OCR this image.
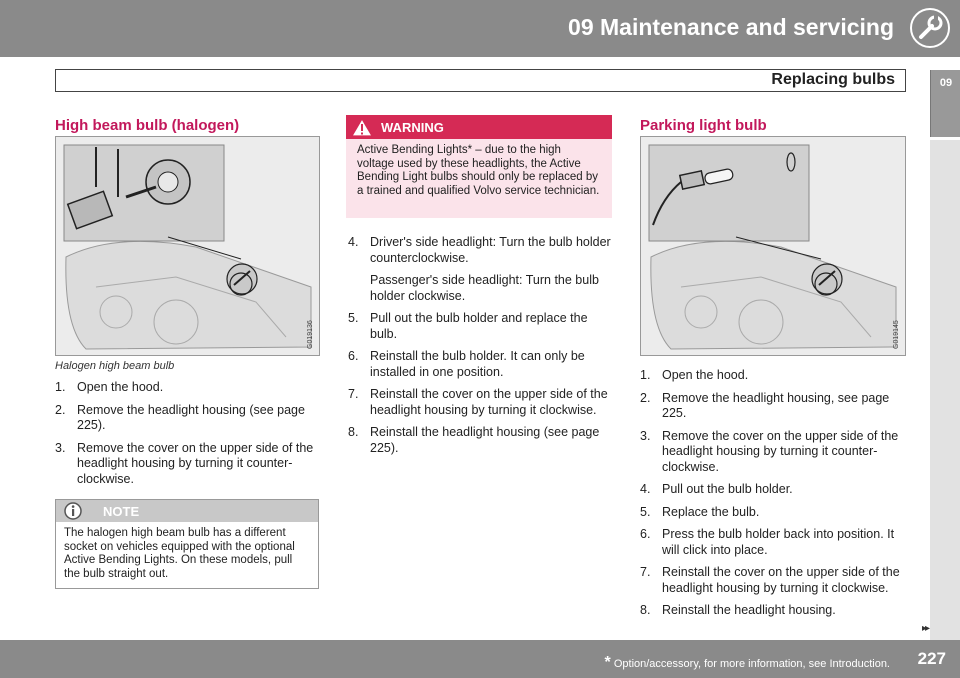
09 Maintenance and servicing
Replacing bulbs	09
High beam bulb (halogen)
G019136
Halogen high beam bulb
1. Open the hood.
2. Remove the headlight housing (see page 225).
3. Remove the cover on the upper side of the headlight housing by turning it counter-clockwise.
NOTE
The halogen high beam bulb has a different socket on vehicles equipped with the optional Active Bending Lights. On these models, pull the bulb straight out.
WARNING
Active Bending Lights* – due to the high voltage used by these headlights, the Active Bending Light bulbs should only be replaced by a trained and qualified Volvo service technician.
4. Driver's side headlight: Turn the bulb holder counterclockwise.
Passenger's side headlight: Turn the bulb holder clockwise.
5. Pull out the bulb holder and replace the bulb.
6. Reinstall the bulb holder. It can only be installed in one position.
7. Reinstall the cover on the upper side of the headlight housing by turning it clockwise.
8. Reinstall the headlight housing (see page 225).
Parking light bulb
G019145
1. Open the hood.
2. Remove the headlight housing, see page 225.
3. Remove the cover on the upper side of the headlight housing by turning it counter-clockwise.
4. Pull out the bulb holder.
5. Replace the bulb.
6. Press the bulb holder back into position. It will click into place.
7. Reinstall the cover on the upper side of the headlight housing by turning it clockwise.
8. Reinstall the headlight housing.
▸▸
* Option/accessory, for more information, see Introduction. 227
